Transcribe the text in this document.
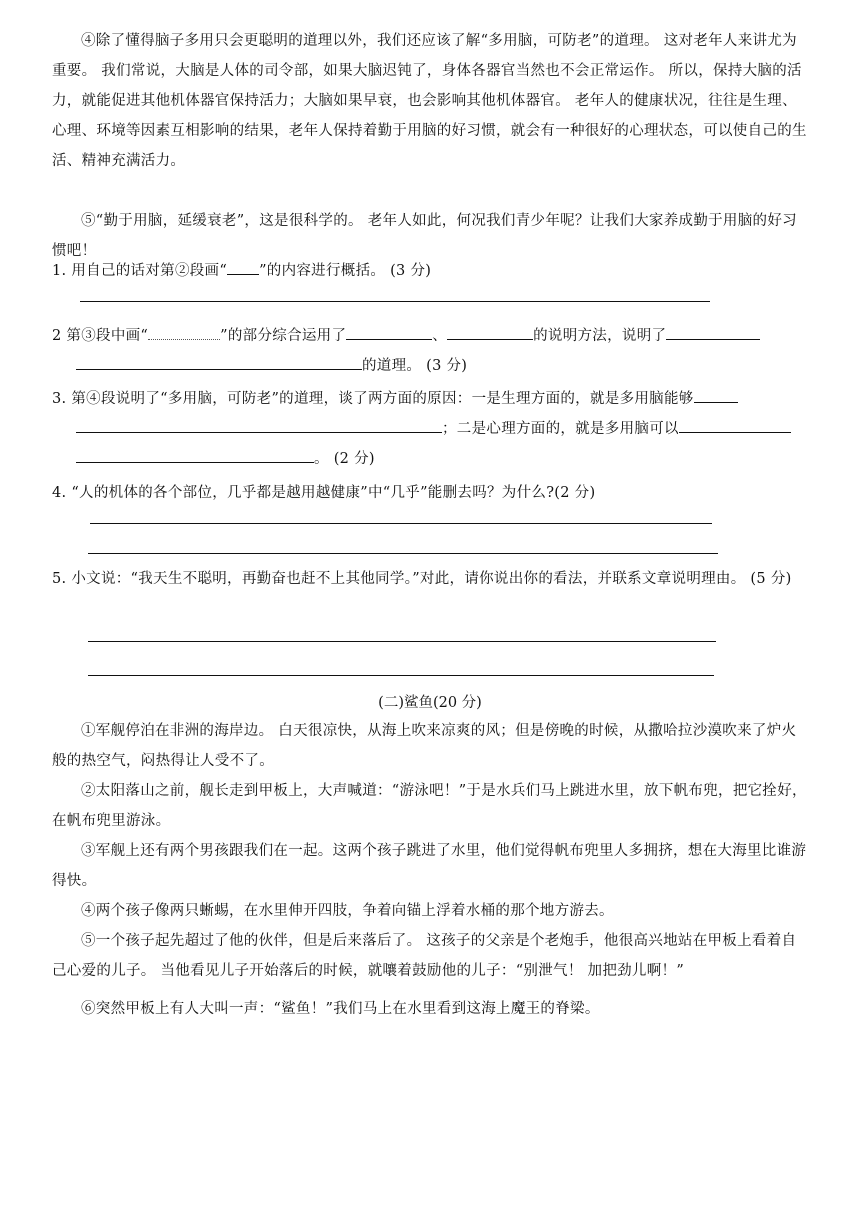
④除了懂得脑子多用只会更聪明的道理以外，我们还应该了解“多用脑，可防老”的道理。 这对老年人来讲尤为重要。 我们常说，大脑是人体的司令部，如果大脑迟钝了，身体各器官当然也不会正常运作。 所以，保持大脑的活力，就能促进其他机体器官保持活力；大脑如果早衰，也会影响其他机体器官。 老年人的健康状况，往往是生理、心理、环境等因素互相影响的结果，老年人保持着勤于用脑的好习惯，就会有一种很好的心理状态，可以使自己的生活、精神充满活力。

⑤“勤于用脑，延缓衰老”，这是很科学的。 老年人如此，何况我们青少年呢？让我们大家养成勤于用脑的好习惯吧！

1. 用自己的话对第②段画“ ”的内容进行概括。 (3 分)

2 第③段中画“	”的部分综合运用了	、	的说明方法，说明了
的道理。 (3 分)

3. 第④段说明了“多用脑，可防老”的道理，谈了两方面的原因：一是生理方面的，就是多用脑能够
；二是心理方面的，就是多用脑可以
。 (2 分)

4. “人的机体的各个部位，几乎都是越用越健康”中“几乎”能删去吗？为什么?(2 分)

5. 小文说：“我天生不聪明，再勤奋也赶不上其他同学。”对此，请你说出你的看法，并联系文章说明理由。 (5 分)

(二)鲨鱼(20 分)

①军舰停泊在非洲的海岸边。 白天很凉快，从海上吹来凉爽的风；但是傍晚的时候，从撒哈拉沙漠吹来了炉火般的热空气，闷热得让人受不了。

②太阳落山之前，舰长走到甲板上，大声喊道：“游泳吧！”于是水兵们马上跳进水里，放下帆布兜，把它拴好，在帆布兜里游泳。

③军舰上还有两个男孩跟我们在一起。这两个孩子跳进了水里，他们觉得帆布兜里人多拥挤，想在大海里比谁游得快。

④两个孩子像两只蜥蜴，在水里伸开四肢，争着向锚上浮着水桶的那个地方游去。

⑤一个孩子起先超过了他的伙伴，但是后来落后了。 这孩子的父亲是个老炮手，他很高兴地站在甲板上看着自己心爱的儿子。 当他看见儿子开始落后的时候，就嚷着鼓励他的儿子：“别泄气！ 加把劲儿啊！”

⑥突然甲板上有人大叫一声：“鲨鱼！”我们马上在水里看到这海上魔王的脊梁。
